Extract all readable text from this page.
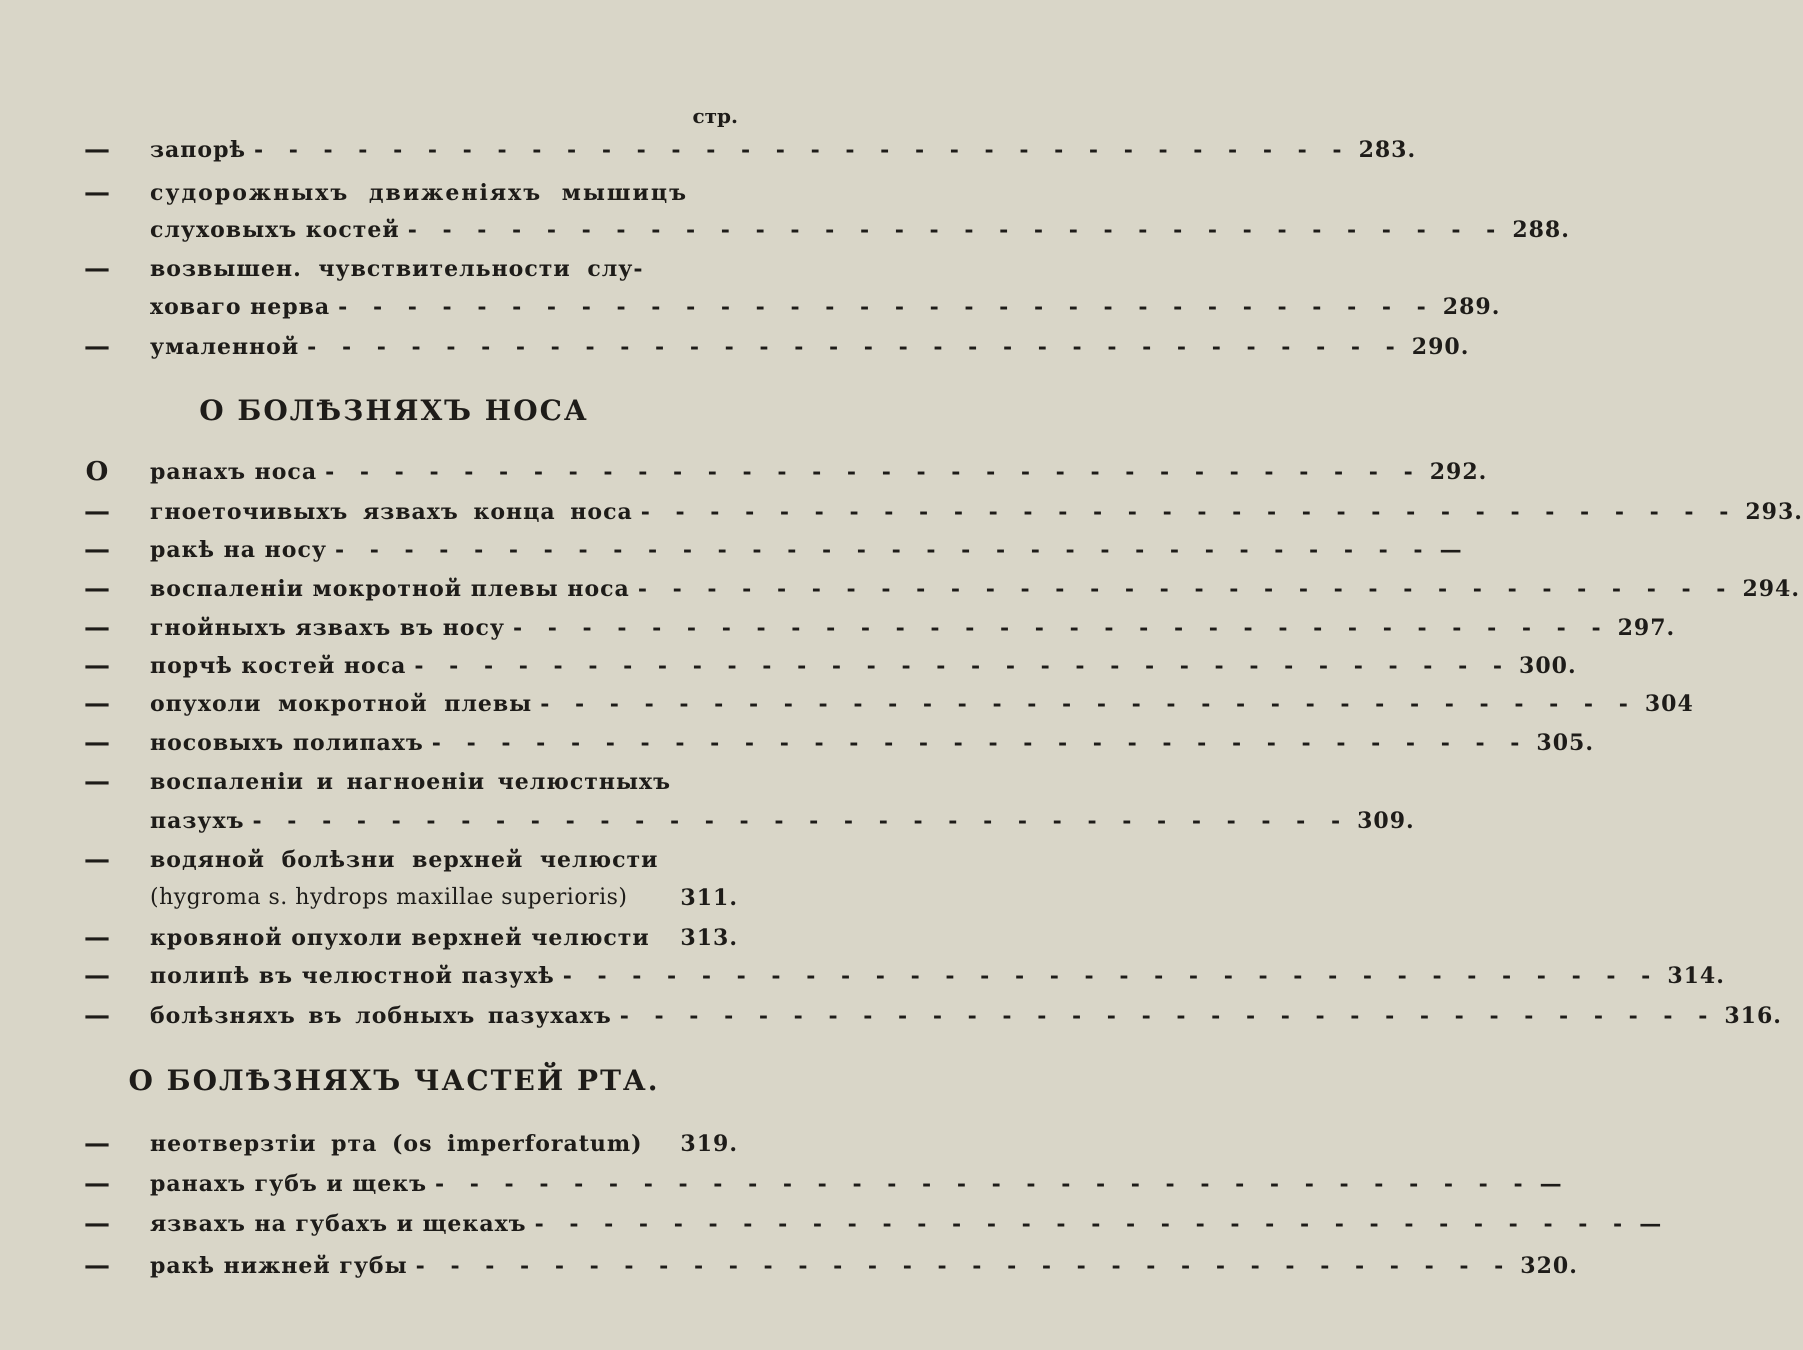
стр.
— запорѣ - - - - - - - - - - - - - - - - - - - - - - - - - - - - - - - - 283.
— судорожныхъ движеніяхъ мышицъ
слуховыхъ костей - - - - - - - - - - - - - - - - - - - - - - - - - - - - - - - - 288.
— возвышен. чувствительности слу-
ховаго нерва - - - - - - - - - - - - - - - - - - - - - - - - - - - - - - - - 289.
— умаленной - - - - - - - - - - - - - - - - - - - - - - - - - - - - - - - - 290.
О БОЛѢЗНЯХЪ НОСА
О ранахъ носа - - - - - - - - - - - - - - - - - - - - - - - - - - - - - - - - 292.
— гноеточивыхъ язвахъ конца носа - - - - - - - - - - - - - - - - - - - - - - - - - - - - - - - - 293.
— ракѣ на носу - - - - - - - - - - - - - - - - - - - - - - - - - - - - - - - - —
— воспаленіи мокротной плевы носа - - - - - - - - - - - - - - - - - - - - - - - - - - - - - - - - 294.
— гнойныхъ язвахъ въ носу - - - - - - - - - - - - - - - - - - - - - - - - - - - - - - - - 297.
— порчѣ костей носа - - - - - - - - - - - - - - - - - - - - - - - - - - - - - - - - 300.
— опухоли мокротной плевы - - - - - - - - - - - - - - - - - - - - - - - - - - - - - - - - 304
— носовыхъ полипахъ - - - - - - - - - - - - - - - - - - - - - - - - - - - - - - - - 305.
— воспаленіи и нагноеніи челюстныхъ
пазухъ - - - - - - - - - - - - - - - - - - - - - - - - - - - - - - - - 309.
— водяной болѣзни верхней челюсти
(hygroma s. hydrops maxillae superioris) 311.
— кровяной опухоли верхней челюсти 313.
— полипѣ въ челюстной пазухѣ - - - - - - - - - - - - - - - - - - - - - - - - - - - - - - - - 314.
— болѣзняхъ въ лобныхъ пазухахъ - - - - - - - - - - - - - - - - - - - - - - - - - - - - - - - - 316.
О БОЛѢЗНЯХЪ ЧАСТЕЙ РТА.
— неотверзтіи рта (os imperforatum) 319.
— ранахъ губъ и щекъ - - - - - - - - - - - - - - - - - - - - - - - - - - - - - - - - —
— язвахъ на губахъ и щекахъ - - - - - - - - - - - - - - - - - - - - - - - - - - - - - - - - —
— ракѣ нижней губы - - - - - - - - - - - - - - - - - - - - - - - - - - - - - - - - 320.
